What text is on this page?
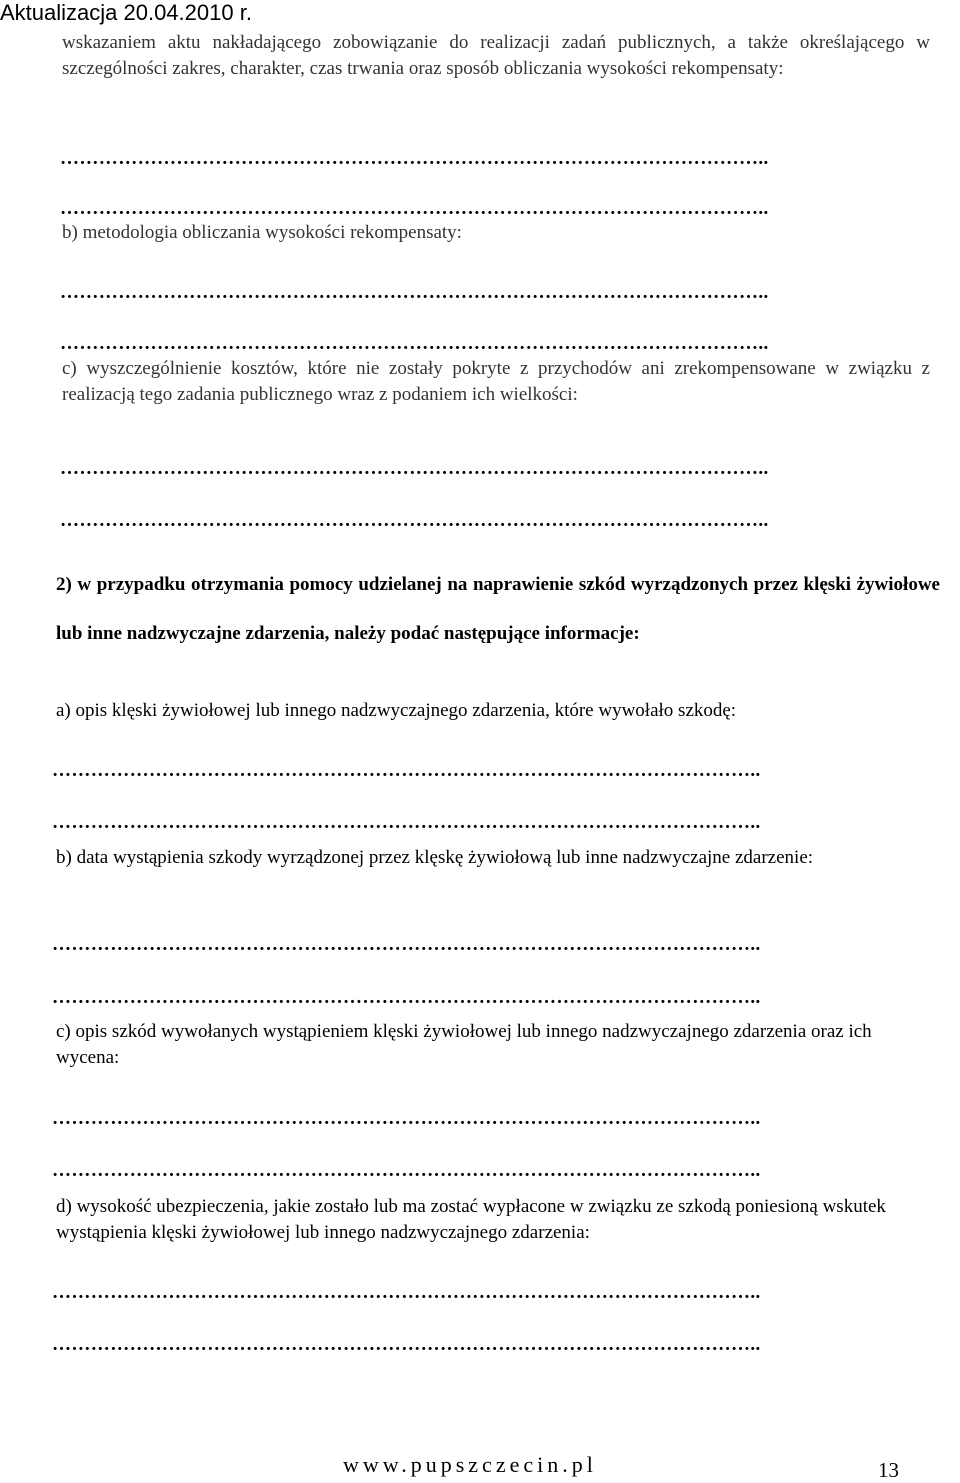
Aktualizacja 20.04.2010 r.
wskazaniem aktu nakładającego zobowiązanie do realizacji zadań publicznych, a także określającego w szczególności zakres, charakter, czas trwania oraz sposób obliczania wysokości rekompensaty:
………………………………………………………………………………………………..
………………………………………………………………………………………………..
b) metodologia obliczania wysokości rekompensaty:
………………………………………………………………………………………………..
………………………………………………………………………………………………..
c) wyszczególnienie kosztów, które nie zostały pokryte z przychodów ani zrekompensowane w związku z realizacją tego zadania publicznego wraz z podaniem ich wielkości:
………………………………………………………………………………………………..
………………………………………………………………………………………………..
2) w przypadku otrzymania pomocy udzielanej na naprawienie szkód wyrządzonych przez klęski żywiołowe lub inne nadzwyczajne zdarzenia, należy podać następujące informacje:
a) opis klęski żywiołowej lub innego nadzwyczajnego zdarzenia, które wywołało szkodę:
………………………………………………………………………………………………..
………………………………………………………………………………………………..
b) data wystąpienia szkody wyrządzonej przez klęskę żywiołową lub inne nadzwyczajne zdarzenie:
………………………………………………………………………………………………..
………………………………………………………………………………………………..
c) opis szkód wywołanych wystąpieniem klęski żywiołowej lub innego nadzwyczajnego zdarzenia oraz ich wycena:
………………………………………………………………………………………………..
………………………………………………………………………………………………..
d) wysokość ubezpieczenia, jakie zostało lub ma zostać wypłacone w związku ze szkodą poniesioną wskutek wystąpienia klęski żywiołowej lub innego nadzwyczajnego zdarzenia:
………………………………………………………………………………………………..
………………………………………………………………………………………………..
www.pupszczecin.pl	13
